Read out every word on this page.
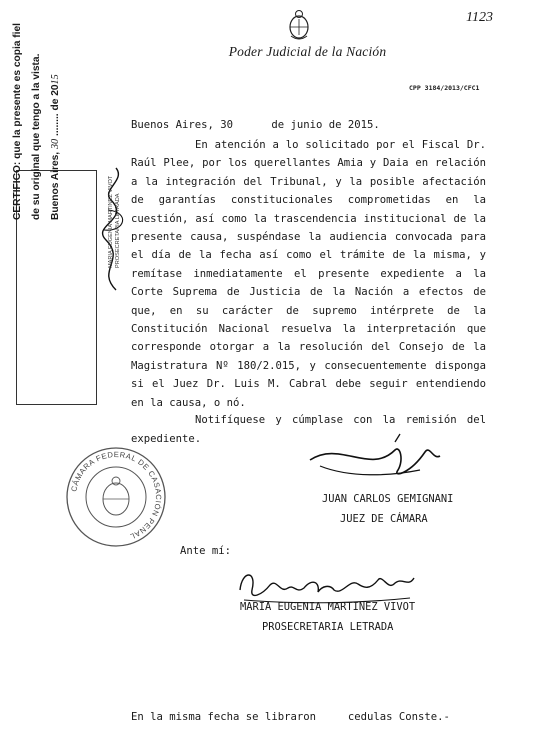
1123
Poder Judicial de la Nación
CPP 3184/2013/CFC1
Buenos Aires, 30      de junio de 2015.

En atención a lo solicitado por el Fiscal Dr. Raúl Plee, por los querellantes Amia y Daia en relación a la integración del Tribunal, y la posible afectación de garantías constitucionales comprometidas en la cuestión, así como la trascendencia institucional de la presente causa, suspéndase la audiencia convocada para el día de la fecha así como el trámite de la misma, y remítase inmediatamente el presente expediente a la Corte Suprema de Justicia de la Nación a efectos de que, en su carácter de supremo intérprete de la Constitución Nacional resuelva la interpretación que corresponde otorgar a la resolución del Consejo de la Magistratura Nº 180/2.015, y consecuentemente disponga si el Juez Dr. Luis M. Cabral debe seguir entendiendo en la causa, o nó.

Notifíquese y cúmplase con la remisión del expediente.
JUAN CARLOS GEMIGNANI
JUEZ DE CÁMARA
Ante mí:
MARIA EUGENIA MARTINEZ VIVOT
PROSECRETARIA LETRADA
En la misma fecha se libraron     cedulas Conste.-
CERTIFICO: que la presente es copia fiel de su original que tengo a la vista. Buenos Aires, 30 ........ de 2015
MARIA EUGENIA MARTINEZ VIVOT PROSECRETARIA LETRADA
CÁMARA FEDERAL DE CASACIÓN PENAL
